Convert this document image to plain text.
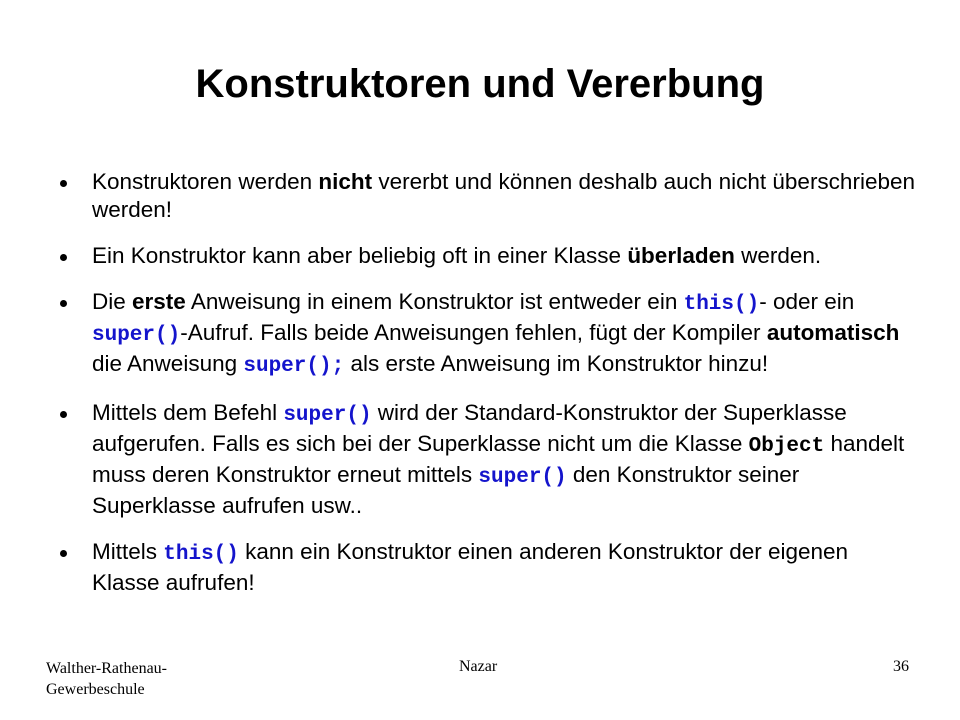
Konstruktoren und Vererbung
Konstruktoren werden nicht vererbt und können deshalb auch nicht überschrieben werden!
Ein Konstruktor kann aber beliebig oft in einer Klasse überladen werden.
Die erste Anweisung in einem Konstruktor ist entweder ein this()- oder ein super()-Aufruf. Falls beide Anweisungen fehlen, fügt der Kompiler automatisch die Anweisung super(); als erste Anweisung im Konstruktor hinzu!
Mittels dem Befehl super() wird der Standard-Konstruktor der Superklasse aufgerufen. Falls es sich bei der Superklasse nicht um die Klasse Object handelt muss deren Konstruktor erneut mittels super() den Konstruktor seiner Superklasse aufrufen usw..
Mittels this() kann ein Konstruktor einen anderen Konstruktor der eigenen Klasse aufrufen!
Walther-Rathenau-Gewerbeschule
Nazar	36
